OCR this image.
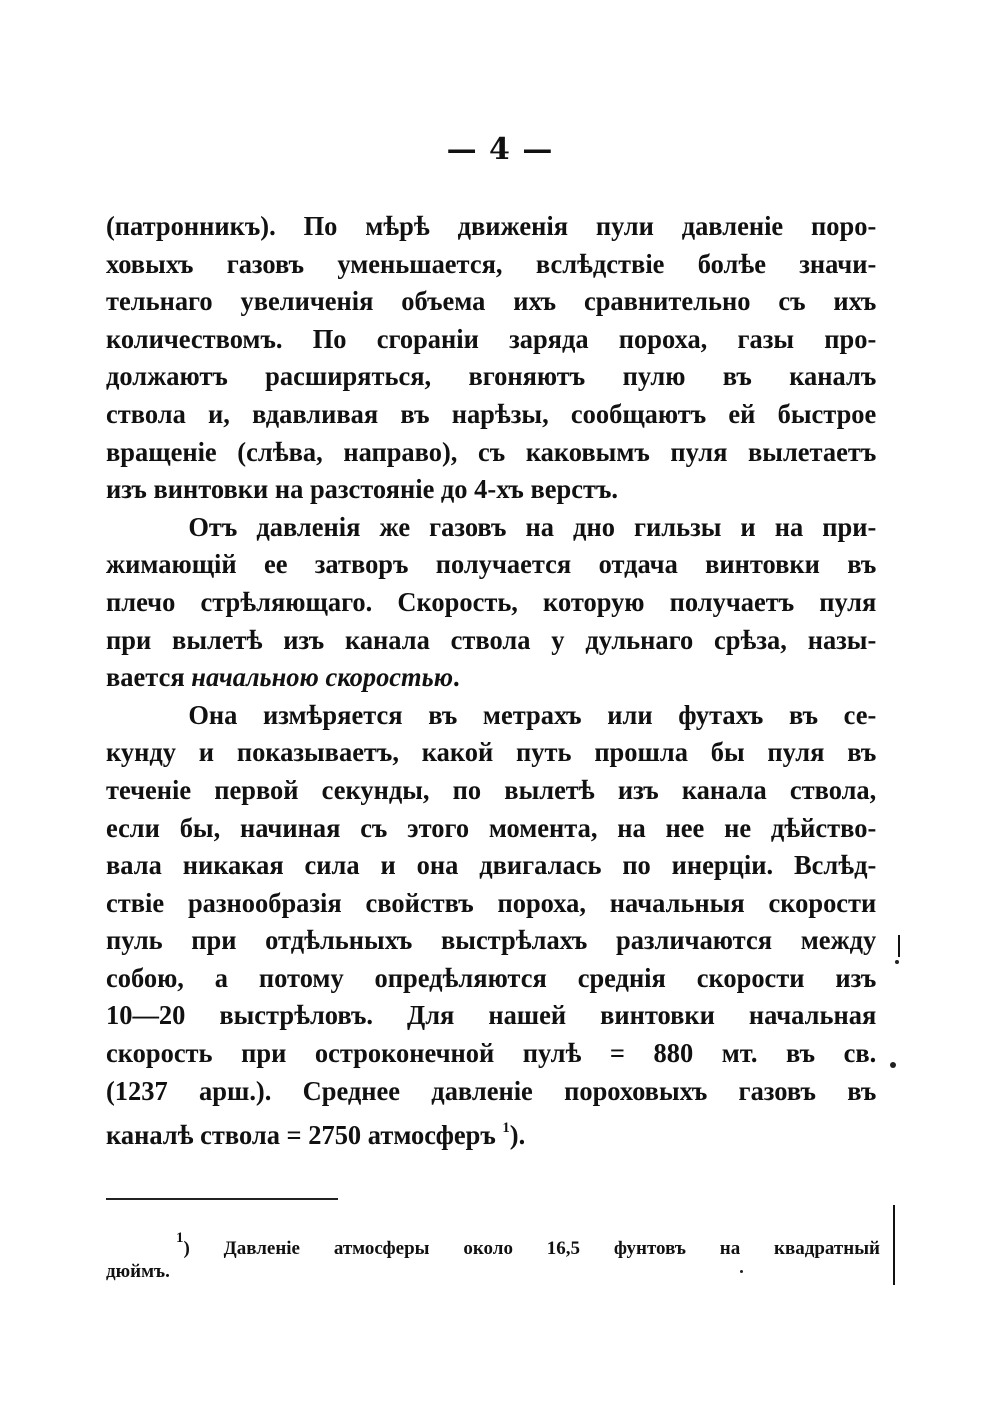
— 4 —
(патронникъ). По мѣрѣ движенія пули давленіе поро-
ховыхъ газовъ уменьшается, вслѣдствіе болѣе значи-
тельнаго увеличенія объема ихъ сравнительно съ ихъ
количествомъ. По сгораніи заряда пороха, газы про-
должаютъ расширяться, вгоняютъ пулю въ каналъ
ствола и, вдавливая въ нарѣзы, сообщаютъ ей быстрое
вращеніе (слѣва, направо), съ каковымъ пуля вылетаетъ
изъ винтовки на разстояніе до 4-хъ верстъ.
Отъ давленія же газовъ на дно гильзы и на при-
жимающій ее затворъ получается отдача винтовки въ
плечо стрѣляющаго. Скорость, которую получаетъ пуля
при вылетѣ изъ канала ствола у дульнаго срѣза, назы-
вается начальною скоростью.
Она измѣряется въ метрахъ или футахъ въ се-
кунду и показываетъ, какой путь прошла бы пуля въ
теченіе первой секунды, по вылетѣ изъ канала ствола,
если бы, начиная съ этого момента, на нее не дѣйство-
вала никакая сила и она двигалась по инерціи. Вслѣд-
ствіе разнообразія свойствъ пороха, начальныя скорости
пуль при отдѣльныхъ выстрѣлахъ различаются между
собою, а потому опредѣляются среднія скорости изъ
10—20 выстрѣловъ. Для нашей винтовки начальная
скорость при остроконечной пулѣ = 880 мт. въ св.
(1237 арш.). Среднее давленіе пороховыхъ газовъ въ
каналѣ ствола = 2750 атмосферъ $^1$).
$^1$) Давленіе атмосферы около 16,5 фунтовъ на квадратный
дюймъ.
